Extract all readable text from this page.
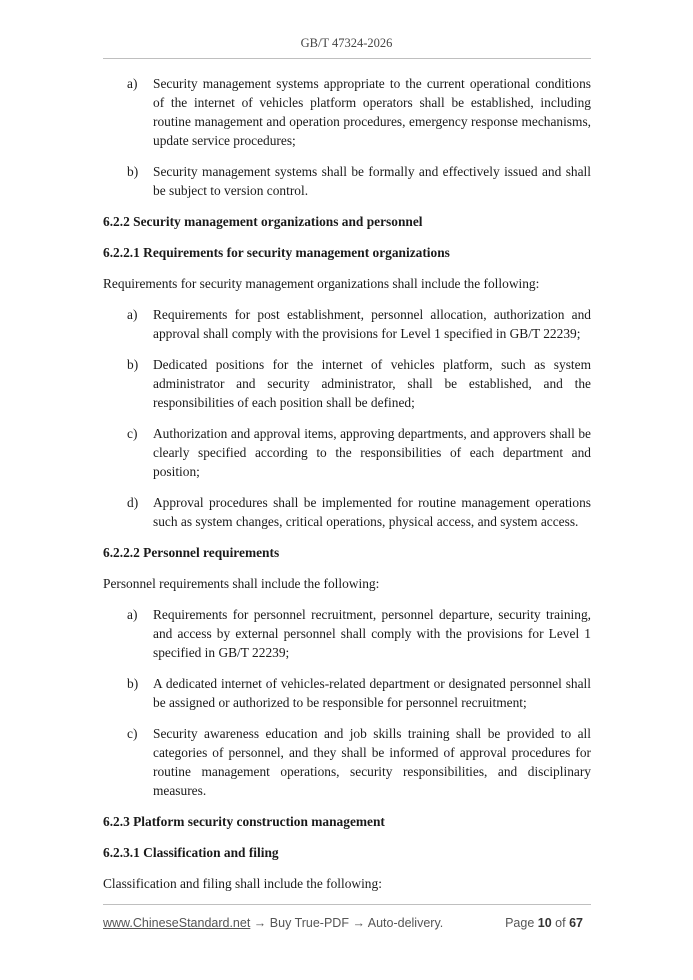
GB/T 47324-2026
a) Security management systems appropriate to the current operational conditions of the internet of vehicles platform operators shall be established, including routine management and operation procedures, emergency response mechanisms, update service procedures;
b) Security management systems shall be formally and effectively issued and shall be subject to version control.
6.2.2 Security management organizations and personnel
6.2.2.1 Requirements for security management organizations
Requirements for security management organizations shall include the following:
a) Requirements for post establishment, personnel allocation, authorization and approval shall comply with the provisions for Level 1 specified in GB/T 22239;
b) Dedicated positions for the internet of vehicles platform, such as system administrator and security administrator, shall be established, and the responsibilities of each position shall be defined;
c) Authorization and approval items, approving departments, and approvers shall be clearly specified according to the responsibilities of each department and position;
d) Approval procedures shall be implemented for routine management operations such as system changes, critical operations, physical access, and system access.
6.2.2.2 Personnel requirements
Personnel requirements shall include the following:
a) Requirements for personnel recruitment, personnel departure, security training, and access by external personnel shall comply with the provisions for Level 1 specified in GB/T 22239;
b) A dedicated internet of vehicles-related department or designated personnel shall be assigned or authorized to be responsible for personnel recruitment;
c) Security awareness education and job skills training shall be provided to all categories of personnel, and they shall be informed of approval procedures for routine management operations, security responsibilities, and disciplinary measures.
6.2.3 Platform security construction management
6.2.3.1 Classification and filing
Classification and filing shall include the following:
www.ChineseStandard.net → Buy True-PDF → Auto-delivery.	Page 10 of 67
